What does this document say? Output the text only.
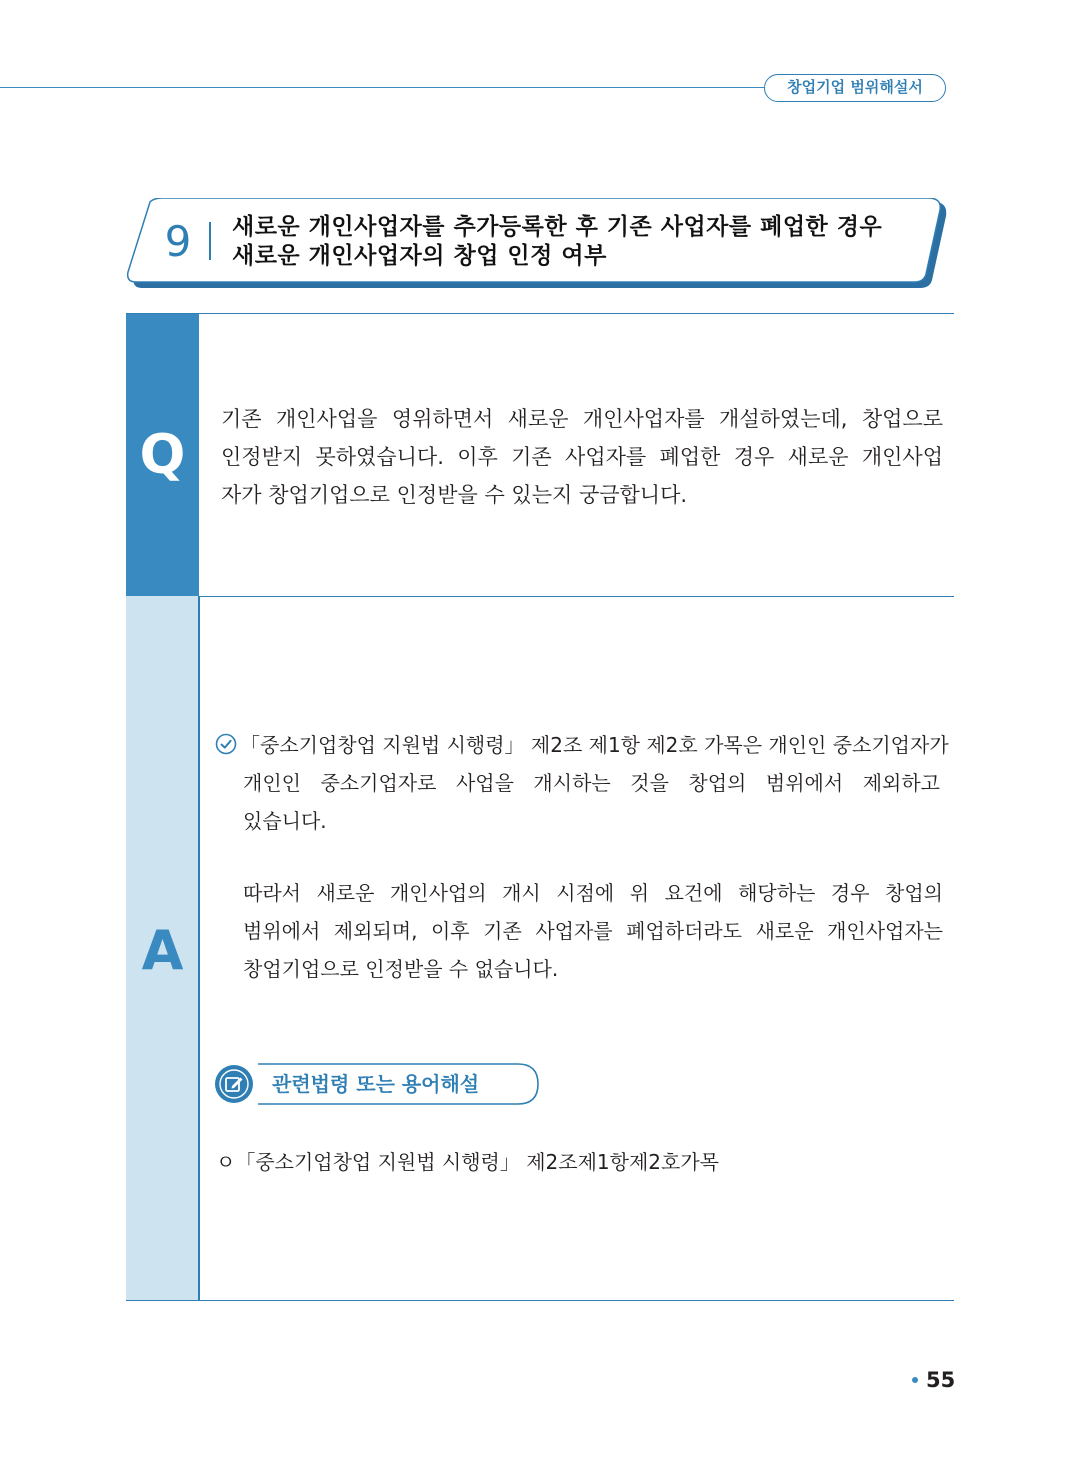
창업기업 범위해설서
9 새로운 개인사업자를 추가등록한 후 기존 사업자를 폐업한 경우
새로운 개인사업자의 창업 인정 여부
Q
기존 개인사업을 영위하면서 새로운 개인사업자를 개설하였는데, 창업으로
인정받지 못하였습니다. 이후 기존 사업자를 폐업한 경우 새로운 개인사업
자가 창업기업으로 인정받을 수 있는지 궁금합니다.
A
「중소기업창업 지원법 시행령」 제2조 제1항 제2호 가목은 개인인 중소기업자가
개인인 중소기업자로 사업을 개시하는 것을 창업의 범위에서 제외하고
있습니다.
따라서 새로운 개인사업의 개시 시점에 위 요건에 해당하는 경우 창업의
범위에서 제외되며, 이후 기존 사업자를 폐업하더라도 새로운 개인사업자는
창업기업으로 인정받을 수 없습니다.
관련법령 또는 용어해설
ㅇ「중소기업창업 지원법 시행령」 제2조제1항제2호가목
55
